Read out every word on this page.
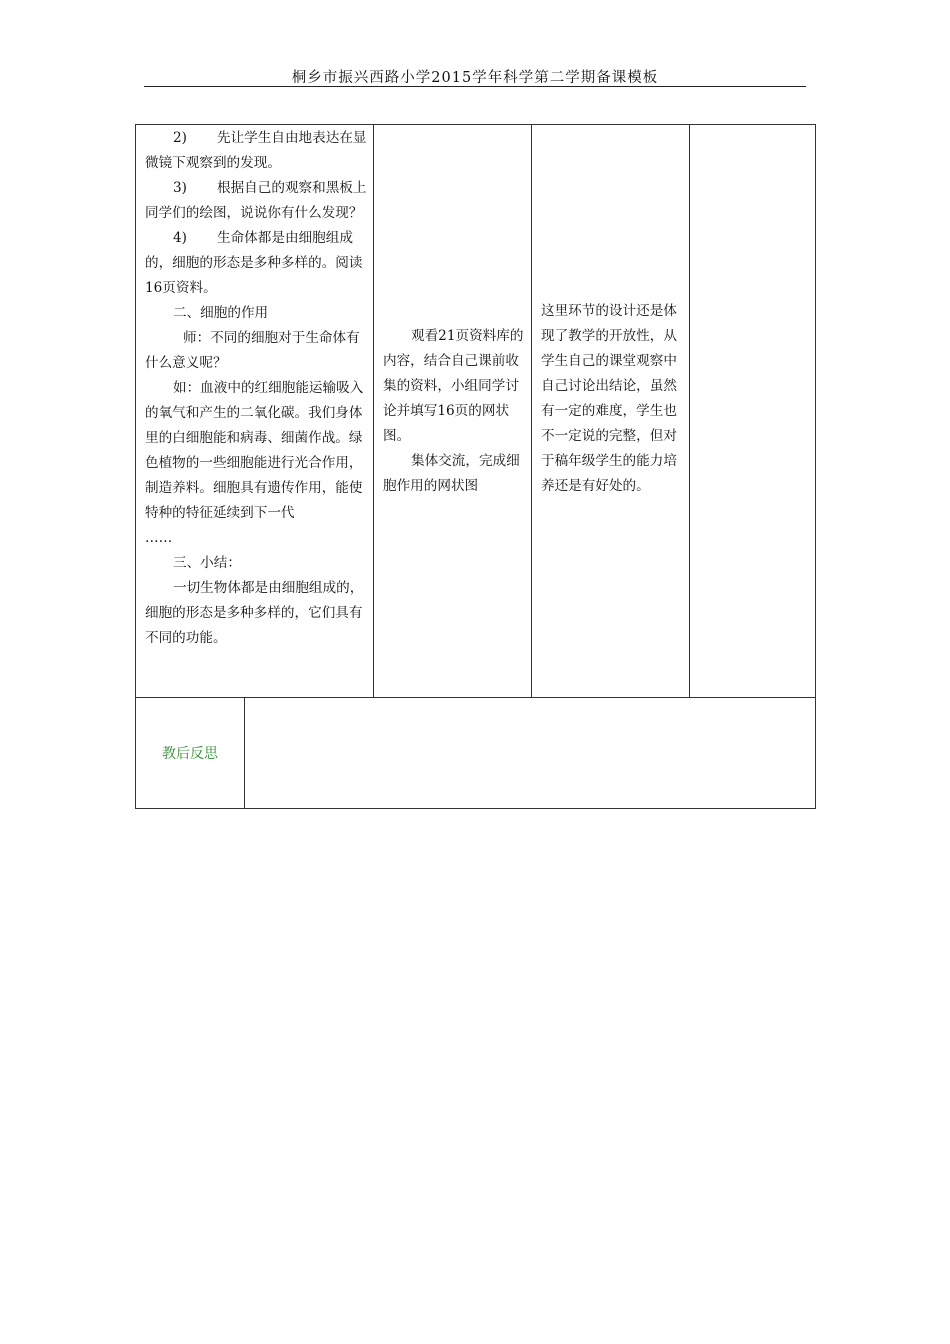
桐乡市振兴西路小学2015学年科学第二学期备课模板

2) 先让学生自由地表达在显微镜下观察到的发现。

3) 根据自己的观察和黑板上同学们的绘图，说说你有什么发现？

4) 生命体都是由细胞组成的，细胞的形态是多种多样的。阅读16页资料。

二、细胞的作用

师：不同的细胞对于生命体有什么意义呢？

如：血液中的红细胞能运输吸入的氧气和产生的二氧化碳。我们身体里的白细胞能和病毒、细菌作战。绿色植物的一些细胞能进行光合作用，制造养料。细胞具有遗传作用，能使特种的特征延续到下一代

……

三、小结：

一切生物体都是由细胞组成的，细胞的形态是多种多样的，它们具有不同的功能。

观看21页资料库的内容，结合自己课前收集的资料，小组同学讨论并填写16页的网状图。

集体交流，完成细胞作用的网状图

这里环节的设计还是体现了教学的开放性，从学生自己的课堂观察中自己讨论出结论，虽然有一定的难度，学生也不一定说的完整，但对于稿年级学生的能力培养还是有好处的。

教后反思
